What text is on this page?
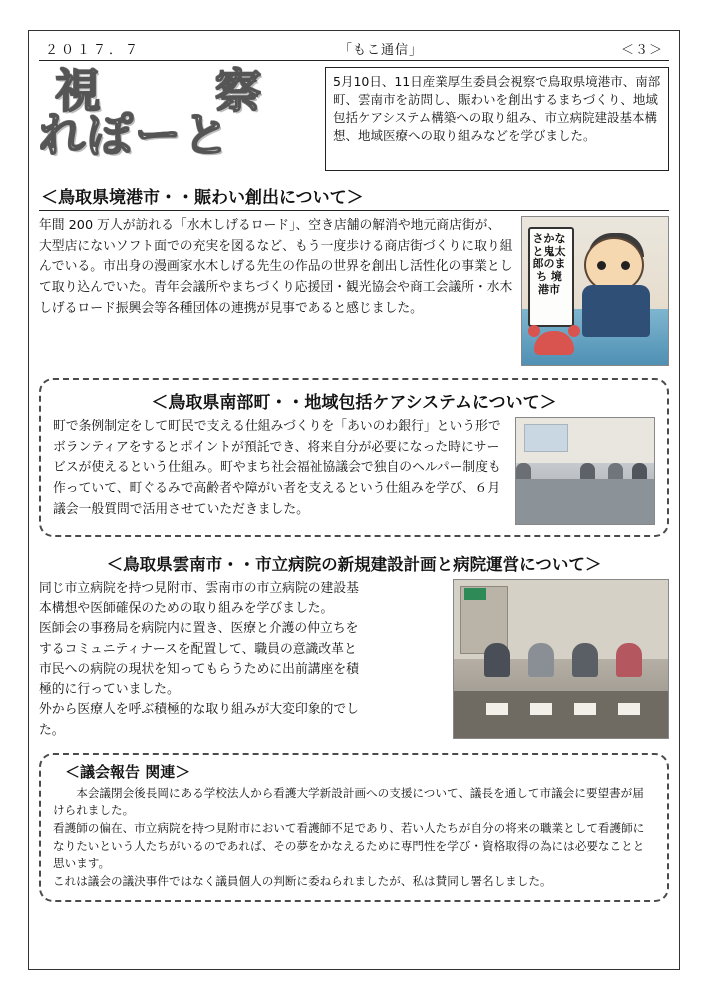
２０１７．７	「もこ通信」	＜３＞
視　察
れぽーと
5月10日、11日産業厚生委員会視察で鳥取県境港市、南部町、雲南市を訪問し、賑わいを創出するまちづくり、地域包括ケアシステム構築への取り組み、市立病院建設基本構想、地域医療への取り組みなどを学びました。
＜鳥取県境港市・・賑わい創出について＞
年間 200 万人が訪れる「水木しげるロード」、空き店舗の解消や地元商店街が、大型店にないソフト面での充実を図るなど、もう一度歩ける商店街づくりに取り組んでいる。市出身の漫画家水木しげる先生の作品の世界を創出し活性化の事業として取り込んでいた。青年会議所やまちづくり応援団・観光協会や商工会議所・水木しげるロード振興会等各種団体の連携が見事であると感じました。
さかなと鬼太郎のまち 境港市
＜鳥取県南部町・・地域包括ケアシステムについて＞
町で条例制定をして町民で支える仕組みづくりを「あいのわ銀行」という形でボランティアをするとポイントが預託でき、将来自分が必要になった時にサービスが使えるという仕組み。町やまち社会福祉協議会で独自のヘルパー制度も作っていて、町ぐるみで高齢者や障がい者を支えるという仕組みを学び、６月議会一般質問で活用させていただきました。
＜鳥取県雲南市・・市立病院の新規建設計画と病院運営について＞
同じ市立病院を持つ見附市、雲南市の市立病院の建設基
本構想や医師確保のための取り組みを学びました。
医師会の事務局を病院内に置き、医療と介護の仲立ちを
するコミュニティナースを配置して、職員の意識改革と
市民への病院の現状を知ってもらうために出前講座を積
極的に行っていました。
外から医療人を呼ぶ積極的な取り組みが大変印象的でし
た。
＜議会報告 関連＞

本会議閉会後長岡にある学校法人から看護大学新設計画への支援について、議長を通して市議会に要望書が届けられました。

看護師の偏在、市立病院を持つ見附市において看護師不足であり、若い人たちが自分の将来の職業として看護師になりたいという人たちがいるのであれば、その夢をかなえるために専門性を学び・資格取得の為には必要なことと思います。

これは議会の議決事件ではなく議員個人の判断に委ねられましたが、私は賛同し署名しました。
